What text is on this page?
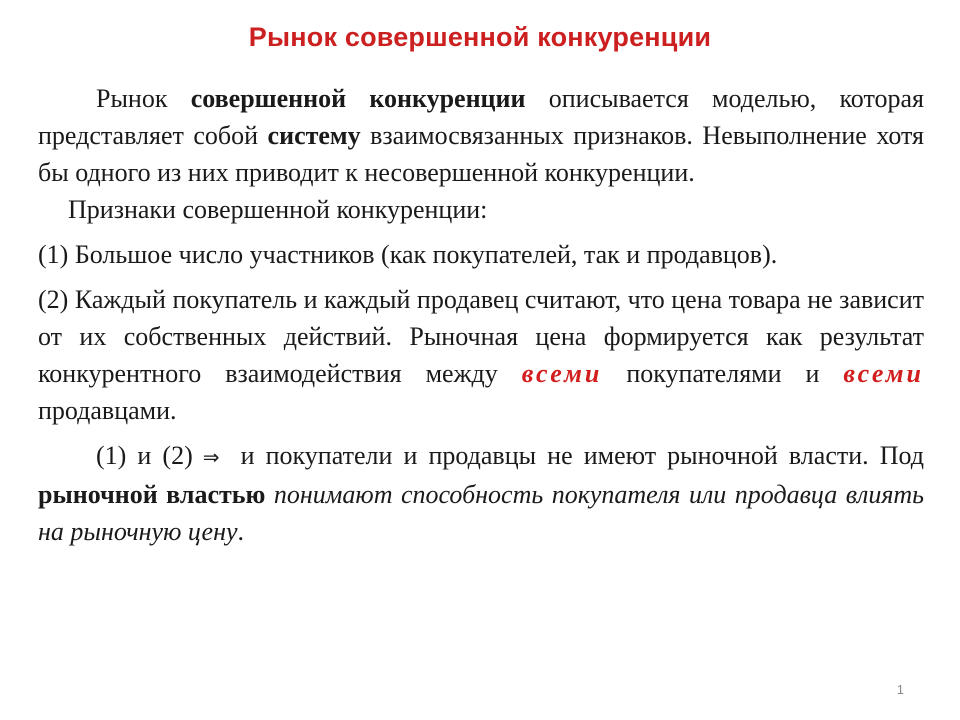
Рынок совершенной конкуренции

Рынок совершенной конкуренции описывается моделью, которая представляет собой систему взаимосвязанных признаков. Невыполнение хотя бы одного из них приводит к несовершенной конкуренции.

Признаки совершенной конкуренции:

(1) Большое число участников (как покупателей, так и продавцов).

(2) Каждый покупатель и каждый продавец считают, что цена товара не зависит от их собственных действий. Рыночная цена формируется как результат конкурентного взаимодействия между всеми покупателями и всеми продавцами.

(1) и (2) ⇒ и покупатели и продавцы не имеют рыночной власти. Под рыночной властью понимают способность покупателя или продавца влиять на рыночную цену.

1
